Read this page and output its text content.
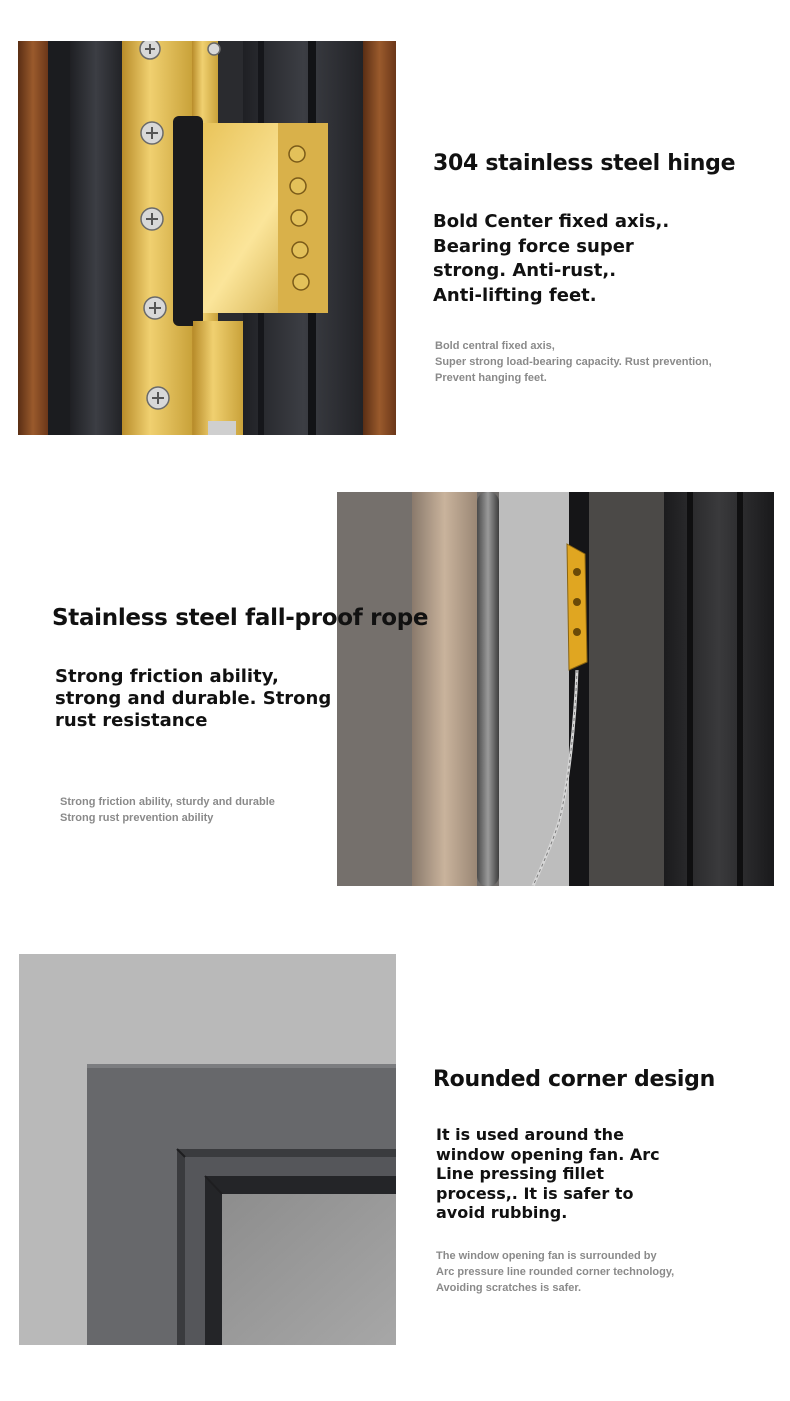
304 stainless steel hinge
Bold Center fixed axis,.
Bearing force super
strong. Anti-rust,.
Anti-lifting feet.
Bold central fixed axis,
Super strong load-bearing capacity. Rust prevention,
Prevent hanging feet.
Stainless steel fall-proof rope
Strong friction ability,
strong and durable. Strong
rust resistance
Strong friction ability, sturdy and durable
Strong rust prevention ability
Rounded corner design
It is used around the
window opening fan. Arc
Line pressing fillet
process,. It is safer to
avoid rubbing.
The window opening fan is surrounded by
Arc pressure line rounded corner technology,
Avoiding scratches is safer.
